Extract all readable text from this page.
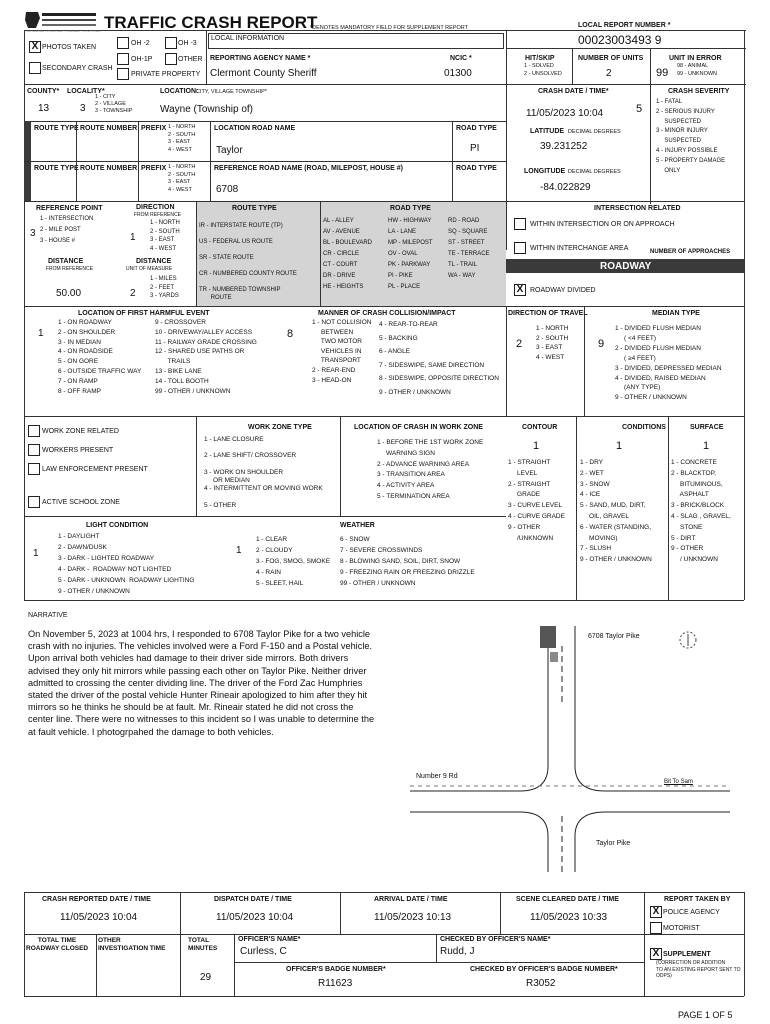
TRAFFIC CRASH REPORT
*DENOTES MANDATORY FIELD FOR SUPPLEMENT REPORT	LOCAL REPORT NUMBER *
00023003493 9
X PHOTOS TAKEN
OH -2	OH -3
LOCAL INFORMATION
OH-1P	OTHER
SECONDARY CRASH
PRIVATE PROPERTY
REPORTING AGENCY NAME *
Clermont County Sheriff
NCIC *
01300
HIT/SKIP
1 - SOLVED
2 - UNSOLVED
NUMBER OF UNITS
2
UNIT IN ERROR
99
98 - ANIMAL
99 - UNKNOWN
COUNTY*
13
LOCALITY*
3
1 - CITY
2 - VILLAGE
3 - TOWNSHIP
LOCATION:
CITY, VILLAGE TOWNSHIP*
Wayne (Township of)
CRASH DATE / TIME*
11/05/2023 10:04
CRASH SEVERITY
5
1 - FATAL
2 - SERIOUS INJURY
SUSPECTED
3 - MINOR INJURY
SUSPECTED
4 - INJURY POSSIBLE
5 - PROPERTY DAMAGE
ONLY
ROUTE TYPE ROUTE NUMBER PREFIX 1 - NORTH
2 - SOUTH
3 - EAST
4 - WEST
LOCATION ROAD NAME
Taylor
ROAD TYPE
PI
LATITUDE DECIMAL DEGREES
39.231252
ROUTE TYPE ROUTE NUMBER PREFIX 1 - NORTH
2 - SOUTH
3 - EAST
4 - WEST
REFERENCE ROAD NAME (ROAD, MILEPOST, HOUSE #)
6708
ROAD TYPE	LONGITUDE DECIMAL DEGREES
-84.022829
REFERENCE POINT
1 - INTERSECTION
2 - MILE POST
3 - HOUSE #
3
DIRECTION
FROM REFERENCE
1 - NORTH
2 - SOUTH
3 - EAST
4 - WEST
1
DISTANCE
FROM REFERENCE
50.00
DISTANCE
UNIT OF MEASURE
1 - MILES
2 - FEET
3 - YARDS
2
ROUTE TYPE
IR - INTERSTATE ROUTE (TP)
US - FEDERAL US ROUTE
SR - STATE ROUTE
CR - NUMBERED COUNTY ROUTE
TR - NUMBERED TOWNSHIP
ROUTE
ROAD TYPE
AL - ALLEY
AV - AVENUE
BL - BOULEVARD
CR - CIRCLE
CT - COURT
DR - DRIVE
HE - HEIGHTS
HW - HIGHWAY
LA - LANE
MP - MILEPOST
OV - OVAL
PK - PARKWAY
PI - PIKE
PL - PLACE
RD - ROAD
SQ - SQUARE
ST - STREET
TE - TERRACE
TL - TRAIL
WA - WAY
INTERSECTION RELATED
WITHIN INTERSECTION OR ON APPROACH
WITHIN INTERCHANGE AREA	NUMBER OF APPROACHES
ROADWAY
X ROADWAY DIVIDED
LOCATION OF FIRST HARMFUL EVENT
1
1 - ON ROADWAY
2 - ON SHOULDER
3 - IN MEDIAN
4 - ON ROADSIDE
5 - ON GORE
6 - OUTSIDE TRAFFIC WAY
7 - ON RAMP
8 - OFF RAMP
9 - CROSSOVER
10 - DRIVEWAY/ALLEY ACCESS
11 - RAILWAY GRADE CROSSING
12 - SHARED USE PATHS OR
TRAILS
13 - BIKE LANE
14 - TOLL BOOTH
99 - OTHER / UNKNOWN
MANNER OF CRASH COLLISION/IMPACT
8
1 - NOT COLLISION
BETWEEN
TWO MOTOR
VEHICLES IN
TRANSPORT
2 - REAR-END
3 - HEAD-ON
4 - REAR-TO-REAR
5 - BACKING
6 - ANGLE
7 - SIDESWIPE, SAME DIRECTION
8 - SIDESWIPE, OPPOSITE DIRECTION
9 - OTHER / UNKNOWN
DIRECTION OF TRAVEL
2
1 - NORTH
2 - SOUTH
3 - EAST
4 - WEST
MEDIAN TYPE
9
1 - DIVIDED FLUSH MEDIAN
( <4 FEET)
2 - DIVIDED FLUSH MEDIAN
( ≥4 FEET)
3 - DIVIDED, DEPRESSED MEDIAN
4 - DIVIDED, RAISED MEDIAN
(ANY TYPE)
9 - OTHER / UNKNOWN
WORK ZONE RELATED
WORKERS PRESENT
LAW ENFORCEMENT PRESENT
ACTIVE SCHOOL ZONE
WORK ZONE TYPE
1 - LANE CLOSURE

2 - LANE SHIFT/ CROSSOVER

3 - WORK ON SHOULDER
OR MEDIAN
4 - INTERMITTENT OR MOVING WORK

5 - OTHER
LOCATION OF CRASH IN WORK ZONE
1 - BEFORE THE 1ST WORK ZONE
WARNING SIGN
2 - ADVANCE WARNING AREA
3 - TRANSITION AREA
4 - ACTIVITY AREA
5 - TERMINATION AREA
CONTOUR
1
1 - STRAIGHT
LEVEL
2 - STRAIGHT
GRADE
3 - CURVE LEVEL
4 - CURVE GRADE
9 - OTHER
/UNKNOWN
CONDITIONS
1
1 - DRY
2 - WET
3 - SNOW
4 - ICE
5 - SAND, MUD, DIRT,
OIL, GRAVEL
6 - WATER (STANDING,
MOVING)
7 - SLUSH
9 - OTHER / UNKNOWN
SURFACE
1
1 - CONCRETE
2 - BLACKTOP,
BITUMINOUS,
ASPHALT
3 - BRICK/BLOCK
4 - SLAG , GRAVEL,
STONE
5 - DIRT
9 - OTHER
/ UNKNOWN
LIGHT CONDITION
1
1 - DAYLIGHT
2 - DAWN/DUSK
3 - DARK - LIGHTED ROADWAY
4 - DARK -  ROADWAY NOT LIGHTED
5 - DARK - UNKNOWN  ROADWAY LIGHTING
9 - OTHER / UNKNOWN
WEATHER
1
1 - CLEAR
2 - CLOUDY
3 - FOG, SMOG, SMOKE
4 - RAIN
5 - SLEET, HAIL
6 - SNOW
7 - SEVERE CROSSWINDS
8 - BLOWING SAND, SOIL, DIRT, SNOW
9 - FREEZING RAIN OR FREEZING DRIZZLE
99 - OTHER / UNKNOWN
NARRATIVE
On November 5, 2023 at 1004 hrs, I responded to 6708 Taylor Pike for a two vehicle crash with no injuries. The vehicles involved were a Ford F-150 and a Postal vehicle. Upon arrival both vehicles had damage to their driver side mirrors. Both drivers advised they only hit mirrors while passing each other on Taylor Pike. Neither driver admitted to crossing the center dividing line. The driver of the Ford Zac Humphries stated the driver of the postal vehicle Hunter Rineair apologized to him after they hit mirrors so he thinks he should be at fault. Mr. Rineair stated he did not cross the center line. There were no witnesses to this incident so I was unable to determine the at fault vehicle. I photogrpahed the damage to both vehicles.
6708 Taylor Pike
Number 9 Rd
Bit To Sam
Taylor Pike
CRASH REPORTED DATE / TIME
11/05/2023 10:04
DISPATCH DATE / TIME
11/05/2023 10:04
ARRIVAL DATE / TIME
11/05/2023 10:13
SCENE CLEARED DATE / TIME
11/05/2023 10:33
REPORT TAKEN BY
X POLICE AGENCY
MOTORIST
TOTAL TIME
ROADWAY CLOSED
OTHER
INVESTIGATION TIME
TOTAL
MINUTES
29
OFFICER'S NAME*
Curless, C
CHECKED BY OFFICER'S NAME*
Rudd, J
OFFICER'S BADGE NUMBER*
R11623
CHECKED BY OFFICER'S BADGE NUMBER*
R3052
X SUPPLEMENT
(CORRECTION OR ADDITION
TO AN EXISTING REPORT SENT TO
ODPS)
PAGE 1 OF 5
OHIO DEPARTMENT OF PUBLIC SAFETY · DRIVE SAFELY · PROTECT OTHERS
